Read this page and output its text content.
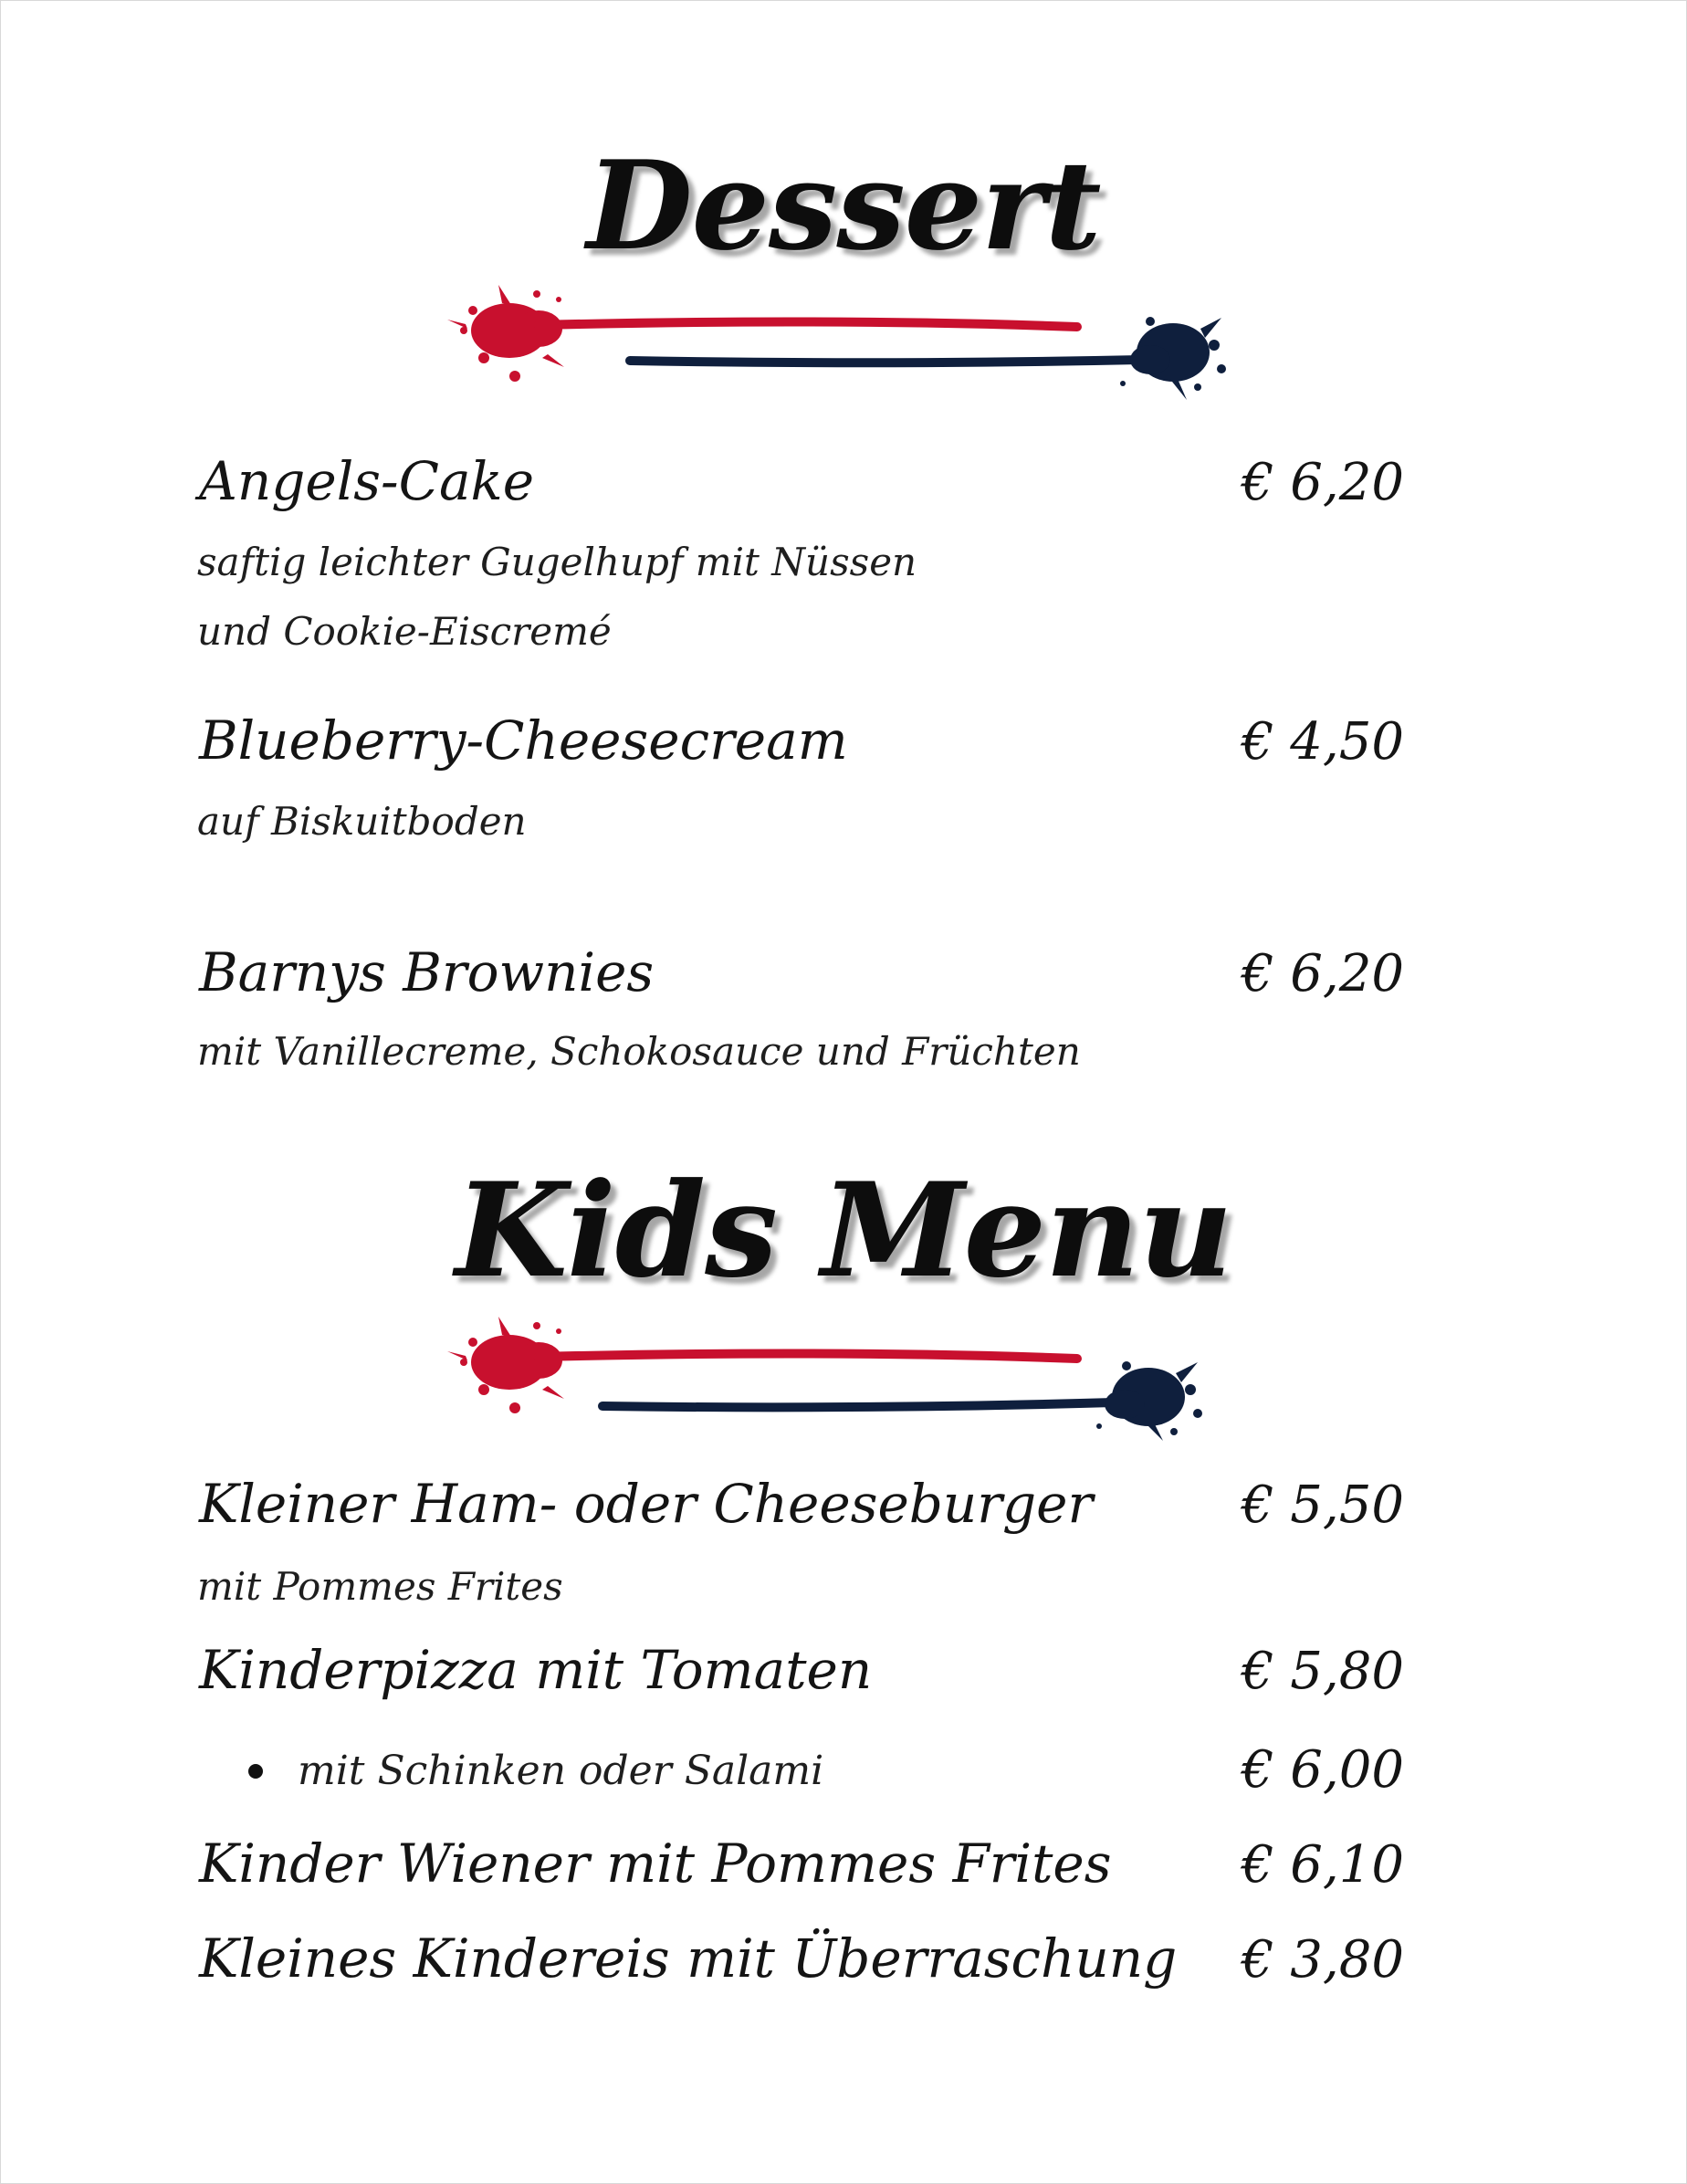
Dessert
Angels-Cake	€ 6,20
saftig leichter Gugelhupf mit Nüssen
und Cookie-Eiscremé
Blueberry-Cheesecream	€ 4,50
auf Biskuitboden
Barnys Brownies	€ 6,20
mit Vanillecreme, Schokosauce und Früchten
Kids Menu
Kleiner Ham- oder Cheeseburger	€ 5,50
mit Pommes Frites
Kinderpizza mit Tomaten	€ 5,80
mit Schinken oder Salami	€ 6,00
Kinder Wiener mit Pommes Frites	€ 6,10
Kleines Kindereis mit Überraschung € 3,80
